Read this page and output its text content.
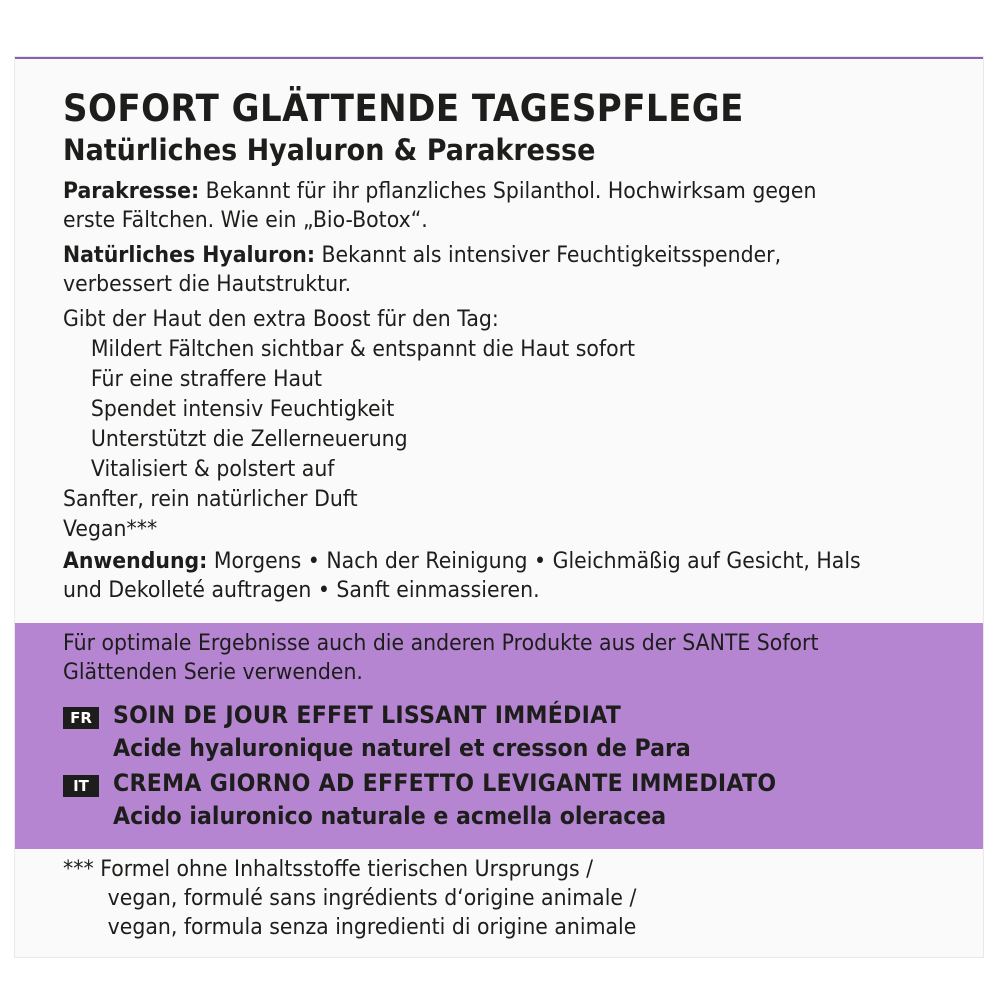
SOFORT GLÄTTENDE TAGESPFLEGE
Natürliches Hyaluron & Parakresse

Parakresse: Bekannt für ihr pflanzliches Spilanthol. Hochwirksam gegen erste Fältchen. Wie ein „Bio-Botox“.

Natürliches Hyaluron: Bekannt als intensiver Feuchtigkeitsspender, verbessert die Hautstruktur.

Gibt der Haut den extra Boost für den Tag:
Mildert Fältchen sichtbar & entspannt die Haut sofort
Für eine straffere Haut
Spendet intensiv Feuchtigkeit
Unterstützt die Zellerneuerung
Vitalisiert & polstert auf
Sanfter, rein natürlicher Duft
Vegan***

Anwendung: Morgens • Nach der Reinigung • Gleichmäßig auf Gesicht, Hals und Dekolleté auftragen • Sanft einmassieren.

Für optimale Ergebnisse auch die anderen Produkte aus der SANTE Sofort Glättenden Serie verwenden.

FR SOIN DE JOUR EFFET LISSANT IMMÉDIAT
Acide hyaluronique naturel et cresson de Para
IT	CREMA GIORNO AD EFFETTO LEVIGANTE IMMEDIATO
Acido ialuronico naturale e acmella oleracea
*** Formel ohne Inhaltsstoffe tierischen Ursprungs /
vegan, formulé sans ingrédients d‘origine animale /
vegan, formula senza ingredienti di origine animale
